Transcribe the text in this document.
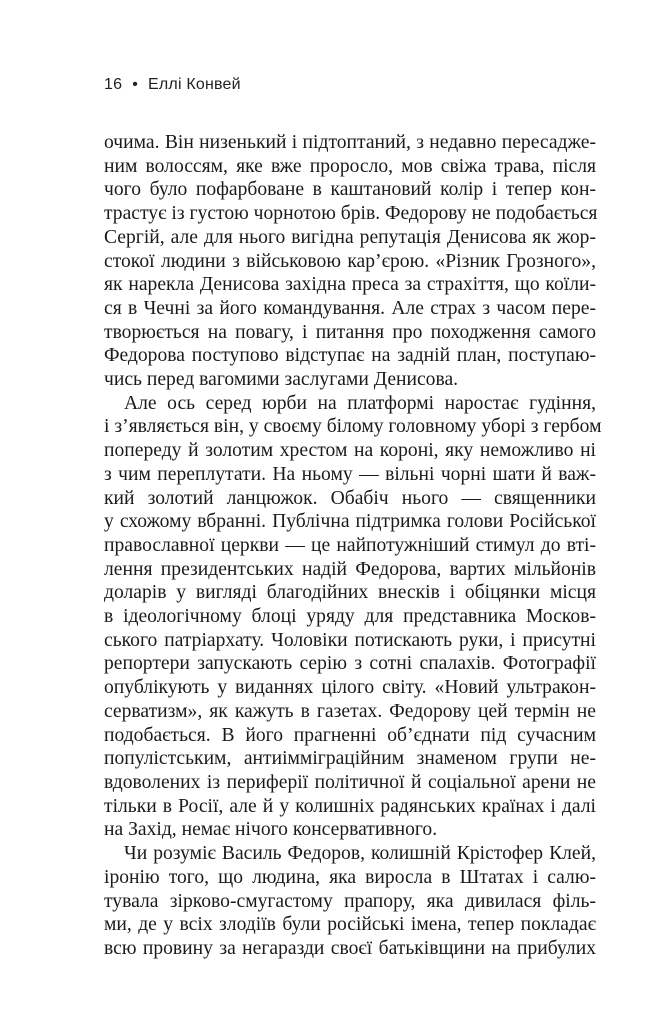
16 • Еллі Конвей

очима. Він низенький і підтоптаний, з недавно пересадже-
ним волоссям, яке вже проросло, мов свіжа трава, після
чого було пофарбоване в каштановий колір і тепер кон-
трастує із густою чорнотою брів. Федорову не подобається
Сергій, але для нього вигідна репутація Денисова як жор-
стокої людини з військовою кар’єрою. «Різник Грозного»,
як нарекла Денисова західна преса за страхіття, що коїли-
ся в Чечні за його командування. Але страх з часом пере-
творюється на повагу, і питання про походження самого
Федорова поступово відступає на задній план, поступаю-
чись перед вагомими заслугами Денисова.

Але ось серед юрби на платформі наростає гудіння,
і з’являється він, у своєму білому головному уборі з гербом
попереду й золотим хрестом на короні, яку неможливо ні
з чим переплутати. На ньому — вільні чорні шати й важ-
кий золотий ланцюжок. Обабіч нього — священники
у схожому вбранні. Публічна підтримка голови Російської
православної церкви — це найпотужніший стимул до вті-
лення президентських надій Федорова, вартих мільйонів
доларів у вигляді благодійних внесків і обіцянки місця
в ідеологічному блоці уряду для представника Москов-
ського патріархату. Чоловіки потискають руки, і присутні
репортери запускають серію з сотні спалахів. Фотографії
опублікують у виданнях цілого світу. «Новий ультракон-
серватизм», як кажуть в газетах. Федорову цей термін не
подобається. В його прагненні об’єднати під сучасним
популістським, антиімміграційним знаменом групи не-
вдоволених із периферії політичної й соціальної арени не
тільки в Росії, але й у колишніх радянських країнах і далі
на Захід, немає нічого консервативного.

Чи розуміє Василь Федоров, колишній Крістофер Клей,
іронію того, що людина, яка виросла в Штатах і салю-
тувала зірково-смугастому прапору, яка дивилася філь-
ми, де у всіх злодіїв були російські імена, тепер покладає
всю провину за негаразди своєї батьківщини на прибулих
